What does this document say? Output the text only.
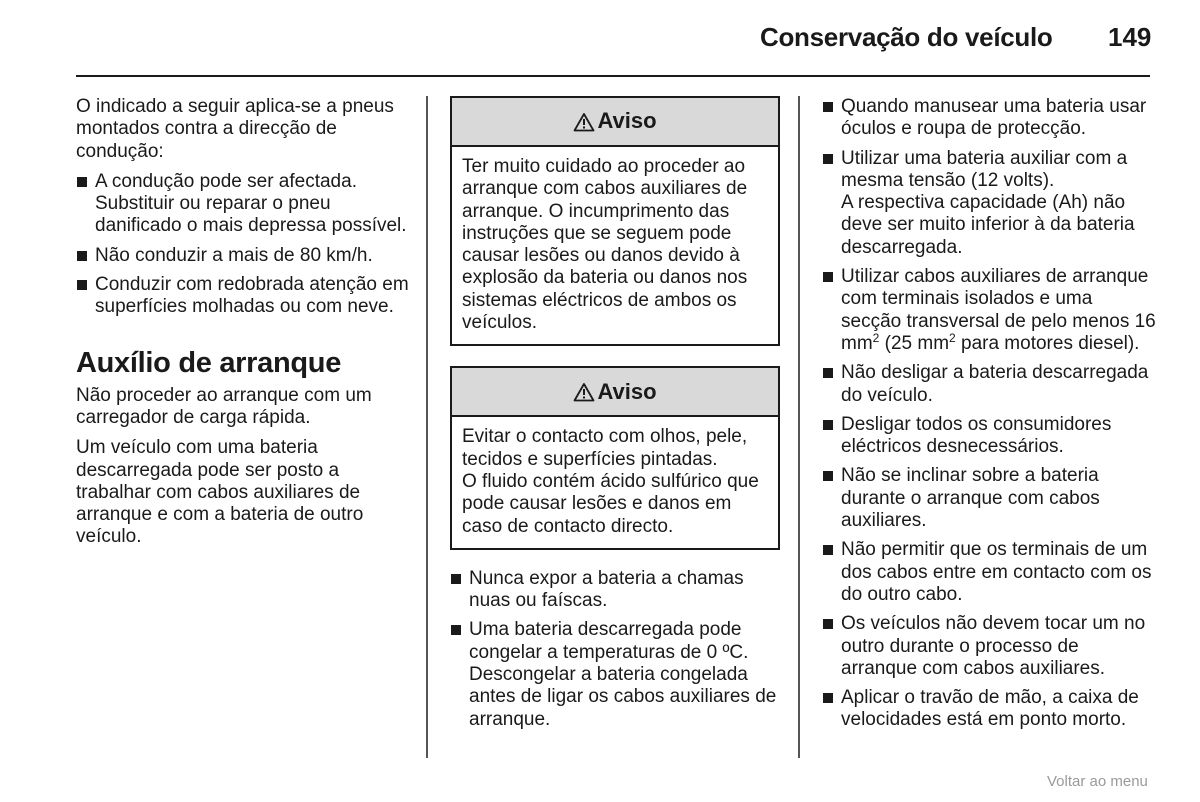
Conservação do veículo 149

O indicado a seguir aplica-se a pneus montados contra a direcção de condução:

A condução pode ser afectada.
Substituir ou reparar o pneu danificado o mais depressa possível.
Não conduzir a mais de 80 km/h.
Conduzir com redobrada atenção em superfícies molhadas ou com neve.
Auxílio de arranque

Não proceder ao arranque com um carregador de carga rápida.

Um veículo com uma bateria descarregada pode ser posto a trabalhar com cabos auxiliares de arranque e com a bateria de outro veículo.

Aviso
Ter muito cuidado ao proceder ao arranque com cabos auxiliares de arranque. O incumprimento das instruções que se seguem pode causar lesões ou danos devido à explosão da bateria ou danos nos sistemas eléctricos de ambos os veículos.
Aviso
Evitar o contacto com olhos, pele, tecidos e superfícies pintadas.
O fluido contém ácido sulfúrico que pode causar lesões e danos em caso de contacto directo.
Nunca expor a bateria a chamas nuas ou faíscas.
Uma bateria descarregada pode congelar a temperaturas de 0 ºC.
Descongelar a bateria congelada antes de ligar os cabos auxiliares de arranque.
Quando manusear uma bateria usar óculos e roupa de protecção.
Utilizar uma bateria auxiliar com a mesma tensão (12 volts).
A respectiva capacidade (Ah) não deve ser muito inferior à da bateria descarregada.
Utilizar cabos auxiliares de arranque com terminais isolados e uma secção transversal de pelo menos 16 $mm^2$ (25 $mm^2$ para motores diesel).
Não desligar a bateria descarregada do veículo.
Desligar todos os consumidores eléctricos desnecessários.
Não se inclinar sobre a bateria durante o arranque com cabos auxiliares.
Não permitir que os terminais de um dos cabos entre em contacto com os do outro cabo.
Os veículos não devem tocar um no outro durante o processo de arranque com cabos auxiliares.
Aplicar o travão de mão, a caixa de velocidades está em ponto morto.
Voltar ao menu
